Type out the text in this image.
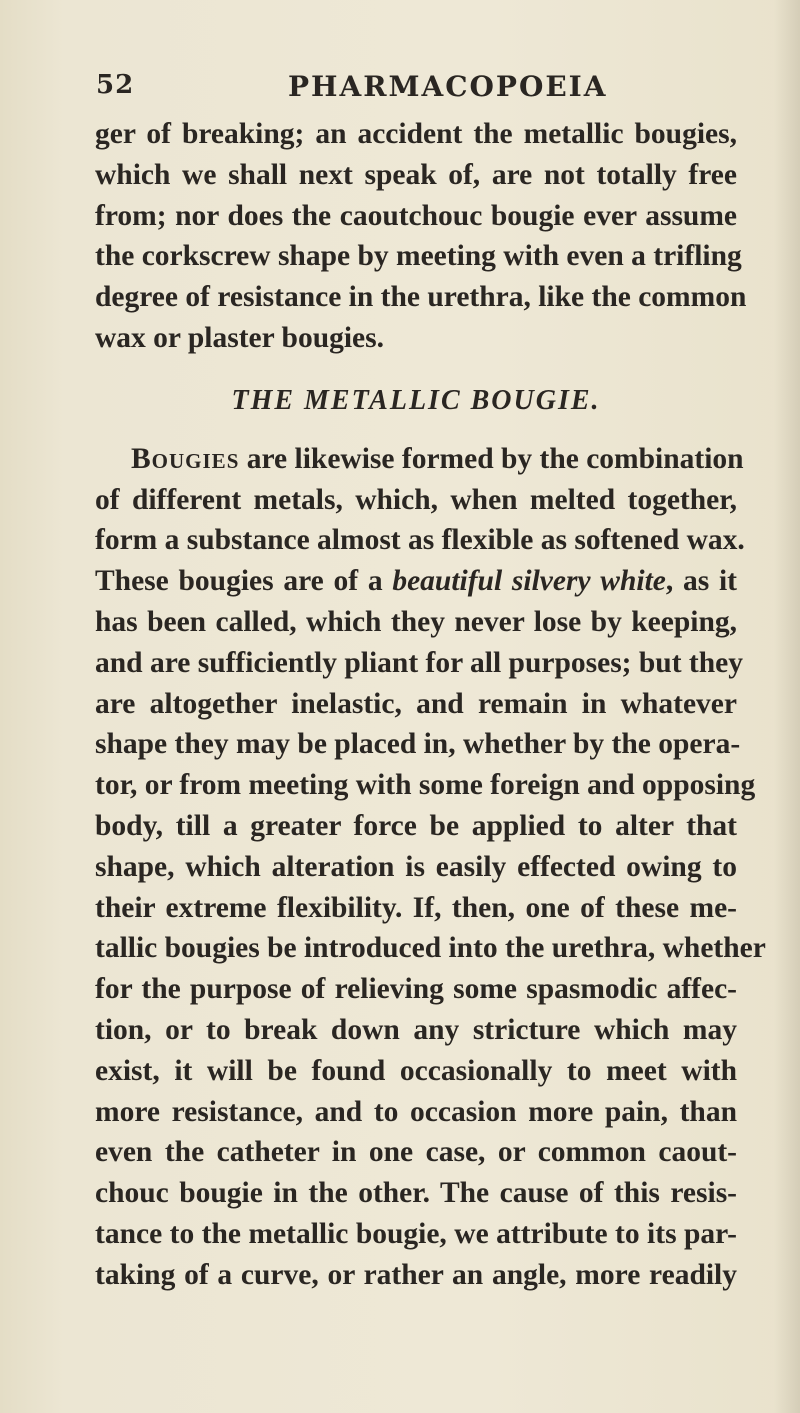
52	PHARMACOPOEIA
ger of breaking; an accident the metallic bougies,
which we shall next speak of, are not totally free
from; nor does the caoutchouc bougie ever assume
the corkscrew shape by meeting with even a trifling
degree of resistance in the urethra, like the common
wax or plaster bougies.
THE METALLIC BOUGIE.
Bougies are likewise formed by the combination
of different metals, which, when melted together,
form a substance almost as flexible as softened wax.
These bougies are of a beautiful silvery white, as it
has been called, which they never lose by keeping,
and are sufficiently pliant for all purposes; but they
are altogether inelastic, and remain in whatever
shape they may be placed in, whether by the opera-
tor, or from meeting with some foreign and opposing
body, till a greater force be applied to alter that
shape, which alteration is easily effected owing to
their extreme flexibility. If, then, one of these me-
tallic bougies be introduced into the urethra, whether
for the purpose of relieving some spasmodic affec-
tion, or to break down any stricture which may
exist, it will be found occasionally to meet with
more resistance, and to occasion more pain, than
even the catheter in one case, or common caout-
chouc bougie in the other. The cause of this resis-
tance to the metallic bougie, we attribute to its par-
taking of a curve, or rather an angle, more readily
